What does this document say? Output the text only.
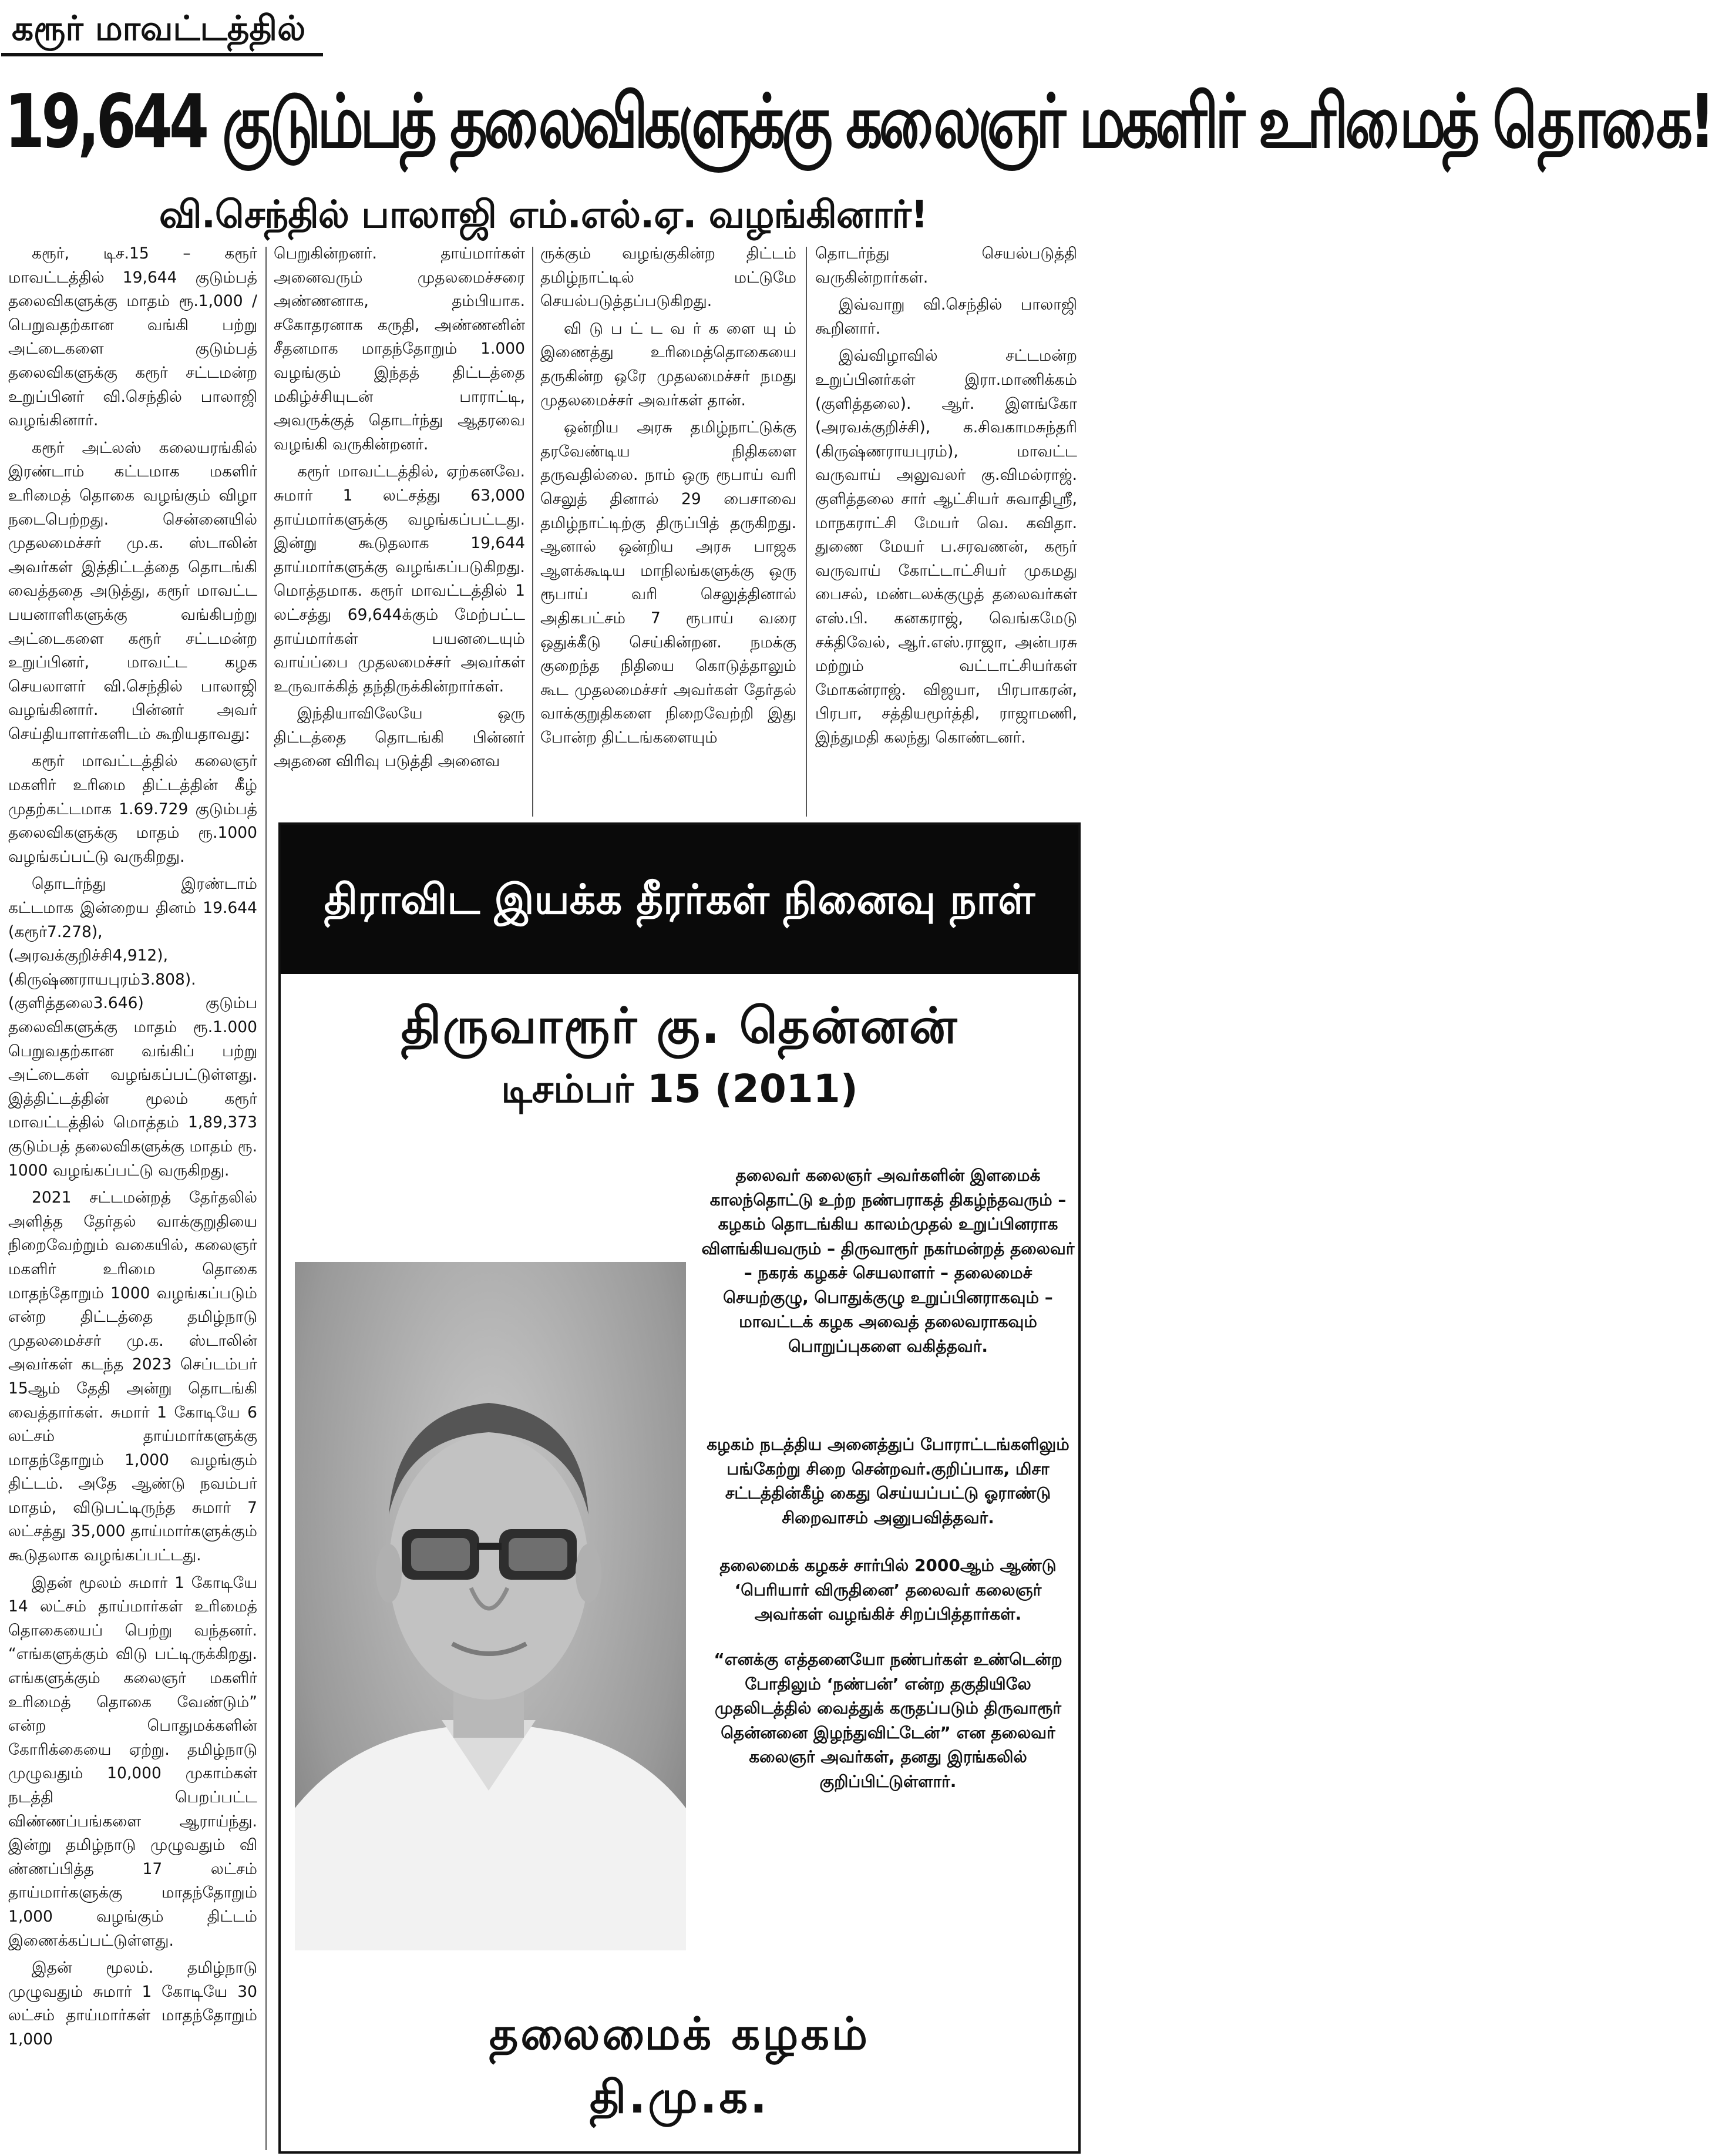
கரூர் மாவட்டத்தில்
19,644 குடும்பத் தலைவிகளுக்கு கலைஞர் மகளிர் உரிமைத் தொகை!
வி.செந்தில் பாலாஜி எம்.எல்.ஏ. வழங்கினார்!

கரூர், டிச.15 – கரூர் மாவட்டத்தில் 19,644 குடும்பத் தலைவிகளுக்கு மாதம் ரூ.1,000 / பெறுவதற்கான வங்கி பற்று அட்டைகளை குடும்பத் தலைவிகளுக்கு கரூர் சட்டமன்ற உறுப்பினர் வி.செந்தில் பாலாஜி வழங்கினார்.

கரூர் அட்லஸ் கலையரங்கில் இரண்டாம் கட்டமாக மகளிர் உரிமைத் தொகை வழங்கும் விழா நடைபெற்றது. சென்னையில் முதலமைச்சர் மு.க. ஸ்டாலின் அவர்கள் இத்திட்டத்தை தொடங்கி வைத்ததை அடுத்து, கரூர் மாவட்ட பயனாளிகளுக்கு வங்கிபற்று அட்டைகளை கரூர் சட்டமன்ற உறுப்பினர், மாவட்ட கழக செயலாளர் வி.செந்தில் பாலாஜி வழங்கினார். பின்னர் அவர் செய்தியாளர்களிடம் கூறியதாவது:

கரூர் மாவட்டத்தில் கலைஞர் மகளிர் உரிமை திட்டத்தின் கீழ் முதற்கட்டமாக 1.69.729 குடும்பத் தலைவிகளுக்கு மாதம் ரூ.1000 வழங்கப்பட்டு வருகிறது.

தொடர்ந்து இரண்டாம் கட்டமாக இன்றைய தினம் 19.644 (கரூர்7.278), (அரவக்குறிச்சி4,912), (கிருஷ்ணராயபுரம்3.808). (குளித்தலை3.646) குடும்ப தலைவிகளுக்கு மாதம் ரூ.1.000 பெறுவதற்கான வங்கிப் பற்று அட்டைகள் வழங்கப்பட்டுள்ளது. இத்திட்டத்தின் மூலம் கரூர் மாவட்டத்தில் மொத்தம் 1,89,373 குடும்பத் தலைவிகளுக்கு மாதம் ரூ. 1000 வழங்கப்பட்டு வருகிறது.

2021 சட்டமன்றத் தேர்தலில் அளித்த தேர்தல் வாக்குறுதியை நிறைவேற்றும் வகையில், கலைஞர் மகளிர் உரிமை தொகை மாதந்தோறும் 1000 வழங்கப்படும் என்ற திட்டத்தை தமிழ்நாடு முதலமைச்சர் மு.க. ஸ்டாலின் அவர்கள் கடந்த 2023 செப்டம்பர் 15ஆம் தேதி அன்று தொடங்கி வைத்தார்கள். சுமார் 1 கோடியே 6 லட்சம் தாய்மார்களுக்கு மாதந்தோறும் 1,000 வழங்கும் திட்டம். அதே ஆண்டு நவம்பர் மாதம், விடுபட்டிருந்த சுமார் 7 லட்சத்து 35,000 தாய்மார்களுக்கும் கூடுதலாக வழங்கப்பட்டது.

இதன் மூலம் சுமார் 1 கோடியே 14 லட்சம் தாய்மார்கள் உரிமைத் தொகையைப் பெற்று வந்தனர். “எங்களுக்கும் விடு பட்டிருக்கிறது. எங்களுக்கும் கலைஞர் மகளிர் உரிமைத் தொகை வேண்டும்” என்ற பொதுமக்களின் கோரிக்கையை ஏற்று. தமிழ்நாடு முழுவதும் 10,000 முகாம்கள் நடத்தி பெறப்பட்ட விண்ணப்பங்களை ஆராய்ந்து. இன்று தமிழ்நாடு முழுவதும் வி ண்ணப்பித்த 17 லட்சம் தாய்மார்களுக்கு மாதந்தோறும் 1,000 வழங்கும் திட்டம் இணைக்கப்பட்டுள்ளது.

இதன் மூலம். தமிழ்நாடு முழுவதும் சுமார் 1 கோடியே 30 லட்சம் தாய்மார்கள் மாதந்தோறும் 1,000

பெறுகின்றனர். தாய்மார்கள் அனைவரும் முதலமைச்சரை அண்ணனாக, தம்பியாக. சகோதரனாக கருதி, அண்ணனின் சீதனமாக மாதந்தோறும் 1.000 வழங்கும் இந்தத் திட்டத்தை மகிழ்ச்சியுடன் பாராட்டி, அவருக்குத் தொடர்ந்து ஆதரவை வழங்கி வருகின்றனர்.

கரூர் மாவட்டத்தில், ஏற்கனவே. சுமார் 1 லட்சத்து 63,000 தாய்மார்களுக்கு வழங்கப்பட்டது. இன்று கூடுதலாக 19,644 தாய்மார்களுக்கு வழங்கப்படுகிறது. மொத்தமாக. கரூர் மாவட்டத்தில் 1 லட்சத்து 69,644க்கும் மேற்பட்ட தாய்மார்கள் பயனடையும் வாய்ப்பை முதலமைச்சர் அவர்கள் உருவாக்கித் தந்திருக்கின்றார்கள்.

இந்தியாவிலேயே ஒரு திட்டத்தை தொடங்கி பின்னர் அதனை விரிவு படுத்தி அனைவ

ருக்கும் வழங்குகின்ற திட்டம் தமிழ்நாட்டில் மட்டுமே செயல்படுத்தப்படுகிறது.

வி டு ப ட் ட வ ர் க ளை யு ம் இணைத்து உரிமைத்தொகையை தருகின்ற ஒரே முதலமைச்சர் நமது முதலமைச்சர் அவர்கள் தான்.

ஒன்றிய அரசு தமிழ்நாட்டுக்கு தரவேண்டிய நிதிகளை தருவதில்லை. நாம் ஒரு ரூபாய் வரி செலுத் தினால் 29 பைசாவை தமிழ்நாட்டிற்கு திருப்பித் தருகிறது. ஆனால் ஒன்றிய அரசு பாஜக ஆளக்கூடிய மாநிலங்களுக்கு ஒரு ரூபாய் வரி செலுத்தினால் அதிகபட்சம் 7 ரூபாய் வரை ஒதுக்கீடு செய்கின்றன. நமக்கு குறைந்த நிதியை கொடுத்தாலும் கூட முதலமைச்சர் அவர்கள் தேர்தல் வாக்குறுதிகளை நிறைவேற்றி இது போன்ற திட்டங்களையும்

தொடர்ந்து செயல்படுத்தி வருகின்றார்கள்.

இவ்வாறு வி.செந்தில் பாலாஜி கூறினார்.

இவ்விழாவில் சட்டமன்ற உறுப்பினர்கள் இரா.மாணிக்கம் (குளித்தலை). ஆர். இளங்கோ (அரவக்குறிச்சி), க.சிவகாமசுந்தரி (கிருஷ்ணராயபுரம்), மாவட்ட வருவாய் அலுவலர் கு.விமல்ராஜ். குளித்தலை சார் ஆட்சியர் சுவாதிஸ்ரீ, மாநகராட்சி மேயர் வெ. கவிதா. துணை மேயர் ப.சரவணன், கரூர் வருவாய் கோட்டாட்சியர் முகமது பைசல், மண்டலக்குழுத் தலைவர்கள் எஸ்.பி. கனகராஜ், வெங்கமேடு சக்திவேல், ஆர்.எஸ்.ராஜா, அன்பரசு மற்றும் வட்டாட்சியர்கள் மோகன்ராஜ். விஜயா, பிரபாகரன், பிரபா, சத்தியமூர்த்தி, ராஜாமணி, இந்துமதி கலந்து கொண்டனர்.

திராவிட இயக்க தீரர்கள் நினைவு நாள்
திருவாரூர் கு. தென்னன்
டிசம்பர் 15 (2011)
தலைவர் கலைஞர் அவர்களின் இளமைக் காலந்தொட்டு உற்ற நண்பராகத் திகழ்ந்தவரும் – கழகம் தொடங்கிய காலம்முதல் உறுப்பினராக விளங்கியவரும் – திருவாரூர் நகர்மன்றத் தலைவர் – நகரக் கழகச் செயலாளர் – தலைமைச் செயற்குழு, பொதுக்குழு உறுப்பினராகவும் – மாவட்டக் கழக அவைத் தலைவராகவும் பொறுப்புகளை வகித்தவர்.
கழகம் நடத்திய அனைத்துப் போராட்டங்களிலும் பங்கேற்று சிறை சென்றவர்.குறிப்பாக, மிசா சட்டத்தின்கீழ் கைது செய்யப்பட்டு ஓராண்டு சிறைவாசம் அனுபவித்தவர்.
தலைமைக் கழகச் சார்பில் 2000ஆம் ஆண்டு ‘பெரியார் விருதினை’ தலைவர் கலைஞர் அவர்கள் வழங்கிச் சிறப்பித்தார்கள்.
“எனக்கு எத்தனையோ நண்பர்கள் உண்டென்ற போதிலும் ‘நண்பன்’ என்ற தகுதியிலே முதலிடத்தில் வைத்துக் கருதப்படும் திருவாரூர் தென்னனை இழந்துவிட்டேன்” என தலைவர் கலைஞர் அவர்கள், தனது இரங்கலில் குறிப்பிட்டுள்ளார்.
தலைமைக் கழகம்
தி.மு.க.
